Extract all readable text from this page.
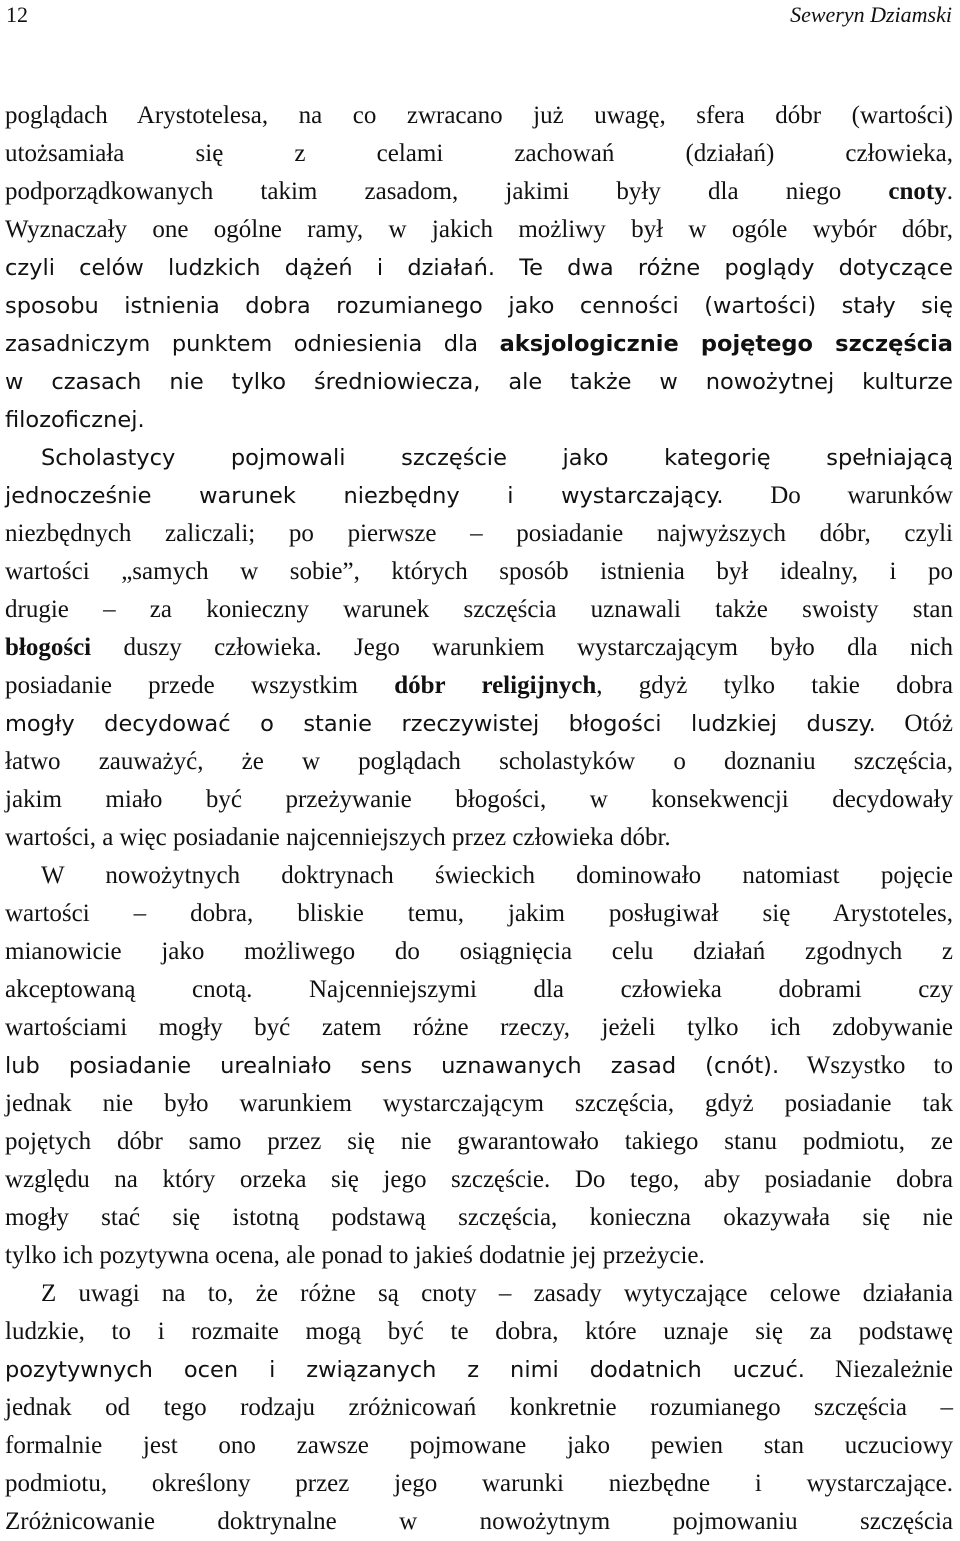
12	Seweryn Dziamski

poglądach Arystotelesa, na co zwracano już uwagę, sfera dóbr (wartości)
utożsamiała się z celami zachowań (działań) człowieka,
podporządkowanych takim zasadom, jakimi były dla niego cnoty.
Wyznaczały one ogólne ramy, w jakich możliwy był w ogóle wybór dóbr,
czyli celów ludzkich dążeń i działań. Te dwa różne poglądy dotyczące
sposobu istnienia dobra rozumianego jako cenności (wartości) stały się
zasadniczym punktem odniesienia dla aksjologicznie pojętego szczęścia
w czasach nie tylko średniowiecza, ale także w nowożytnej kulturze
filozoficznej.

Scholastycy pojmowali szczęście jako kategorię spełniającą
jednocześnie warunek niezbędny i wystarczający. Do warunków
niezbędnych zaliczali; po pierwsze – posiadanie najwyższych dóbr, czyli
wartości „samych w sobie”, których sposób istnienia był idealny, i po
drugie – za konieczny warunek szczęścia uznawali także swoisty stan
błogości duszy człowieka. Jego warunkiem wystarczającym było dla nich
posiadanie przede wszystkim dóbr religijnych, gdyż tylko takie dobra
mogły decydować o stanie rzeczywistej błogości ludzkiej duszy. Otóż
łatwo zauważyć, że w poglądach scholastyków o doznaniu szczęścia,
jakim miało być przeżywanie błogości, w konsekwencji decydowały
wartości, a więc posiadanie najcenniejszych przez człowieka dóbr.

W nowożytnych doktrynach świeckich dominowało natomiast pojęcie
wartości – dobra, bliskie temu, jakim posługiwał się Arystoteles,
mianowicie jako możliwego do osiągnięcia celu działań zgodnych z
akceptowaną cnotą. Najcenniejszymi dla człowieka dobrami czy
wartościami mogły być zatem różne rzeczy, jeżeli tylko ich zdobywanie
lub posiadanie urealniało sens uznawanych zasad (cnót). Wszystko to
jednak nie było warunkiem wystarczającym szczęścia, gdyż posiadanie tak
pojętych dóbr samo przez się nie gwarantowało takiego stanu podmiotu, ze
względu na który orzeka się jego szczęście. Do tego, aby posiadanie dobra
mogły stać się istotną podstawą szczęścia, konieczna okazywała się nie
tylko ich pozytywna ocena, ale ponad to jakieś dodatnie jej przeżycie.

Z uwagi na to, że różne są cnoty – zasady wytyczające celowe działania
ludzkie, to i rozmaite mogą być te dobra, które uznaje się za podstawę
pozytywnych ocen i związanych z nimi dodatnich uczuć. Niezależnie
jednak od tego rodzaju zróżnicowań konkretnie rozumianego szczęścia –
formalnie jest ono zawsze pojmowane jako pewien stan uczuciowy
podmiotu, określony przez jego warunki niezbędne i wystarczające.
Zróżnicowanie doktrynalne w nowożytnym pojmowaniu szczęścia
